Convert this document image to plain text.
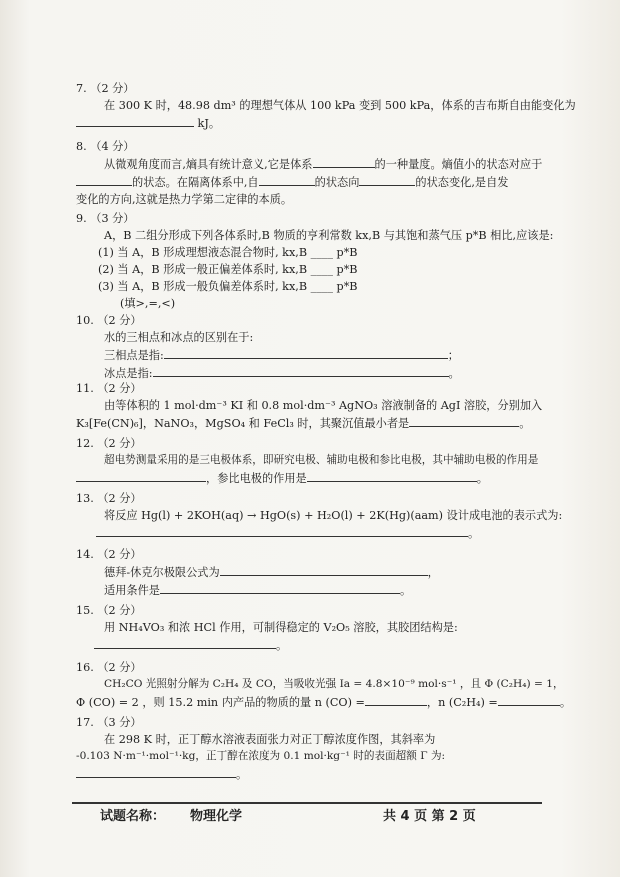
7. （2 分）
在 300 K 时，48.98 dm³ 的理想气体从 100 kPa 变到 500 kPa，体系的吉布斯自由能变化为
kJ。
8. （4 分）
从微观角度而言,熵具有统计意义,它是体系	的一种量度。熵值小的状态对应于
的状态。在隔离体系中,自	的状态向	的状态变化,是自发
变化的方向,这就是热力学第二定律的本质。
9. （3 分）
A，B 二组分形成下列各体系时,B 物质的亨利常数 kx,B 与其饱和蒸气压 p*B 相比,应该是:
(1) 当 A，B 形成理想液态混合物时, kx,B ____ p*B
(2) 当 A，B 形成一般正偏差体系时, kx,B ____ p*B
(3) 当 A，B 形成一般负偏差体系时, kx,B ____ p*B
(填>,=,<)
10. （2 分）
水的三相点和冰点的区别在于:
三相点是指:	；
冰点是指:	。
11. （2 分）
由等体积的 1 mol·dm⁻³ KI 和 0.8 mol·dm⁻³ AgNO₃ 溶液制备的 AgI 溶胶，分别加入
K₃[Fe(CN)₆]，NaNO₃，MgSO₄ 和 FeCl₃ 时，其聚沉值最小者是	。
12. （2 分）
超电势测量采用的是三电极体系，即研究电极、辅助电极和参比电极，其中辅助电极的作用是
，参比电极的作用是	。
13. （2 分）
将反应 Hg(l) + 2KOH(aq) → HgO(s) + H₂O(l) + 2K(Hg)(aam) 设计成电池的表示式为:
。
14. （2 分）
德拜-休克尔极限公式为	，
适用条件是	。
15. （2 分）
用 NH₄VO₃ 和浓 HCl 作用，可制得稳定的 V₂O₅ 溶胶，其胶团结构是:
。
16. （2 分）
CH₂CO 光照射分解为 C₂H₄ 及 CO，当吸收光强 Ia = 4.8×10⁻⁹ mol·s⁻¹ ，且 Φ (C₂H₄) = 1，
Φ (CO) = 2 ，则 15.2 min 内产品的物质的量 n (CO) =	，n (C₂H₄) =	。
17. （3 分）
在 298 K 时，正丁醇水溶液表面张力对正丁醇浓度作图，其斜率为
-0.103 N·m⁻¹·mol⁻¹·kg，正丁醇在浓度为 0.1 mol·kg⁻¹ 时的表面超额 Γ 为:
。
试题名称： 物理化学	共 4 页 第 2 页
